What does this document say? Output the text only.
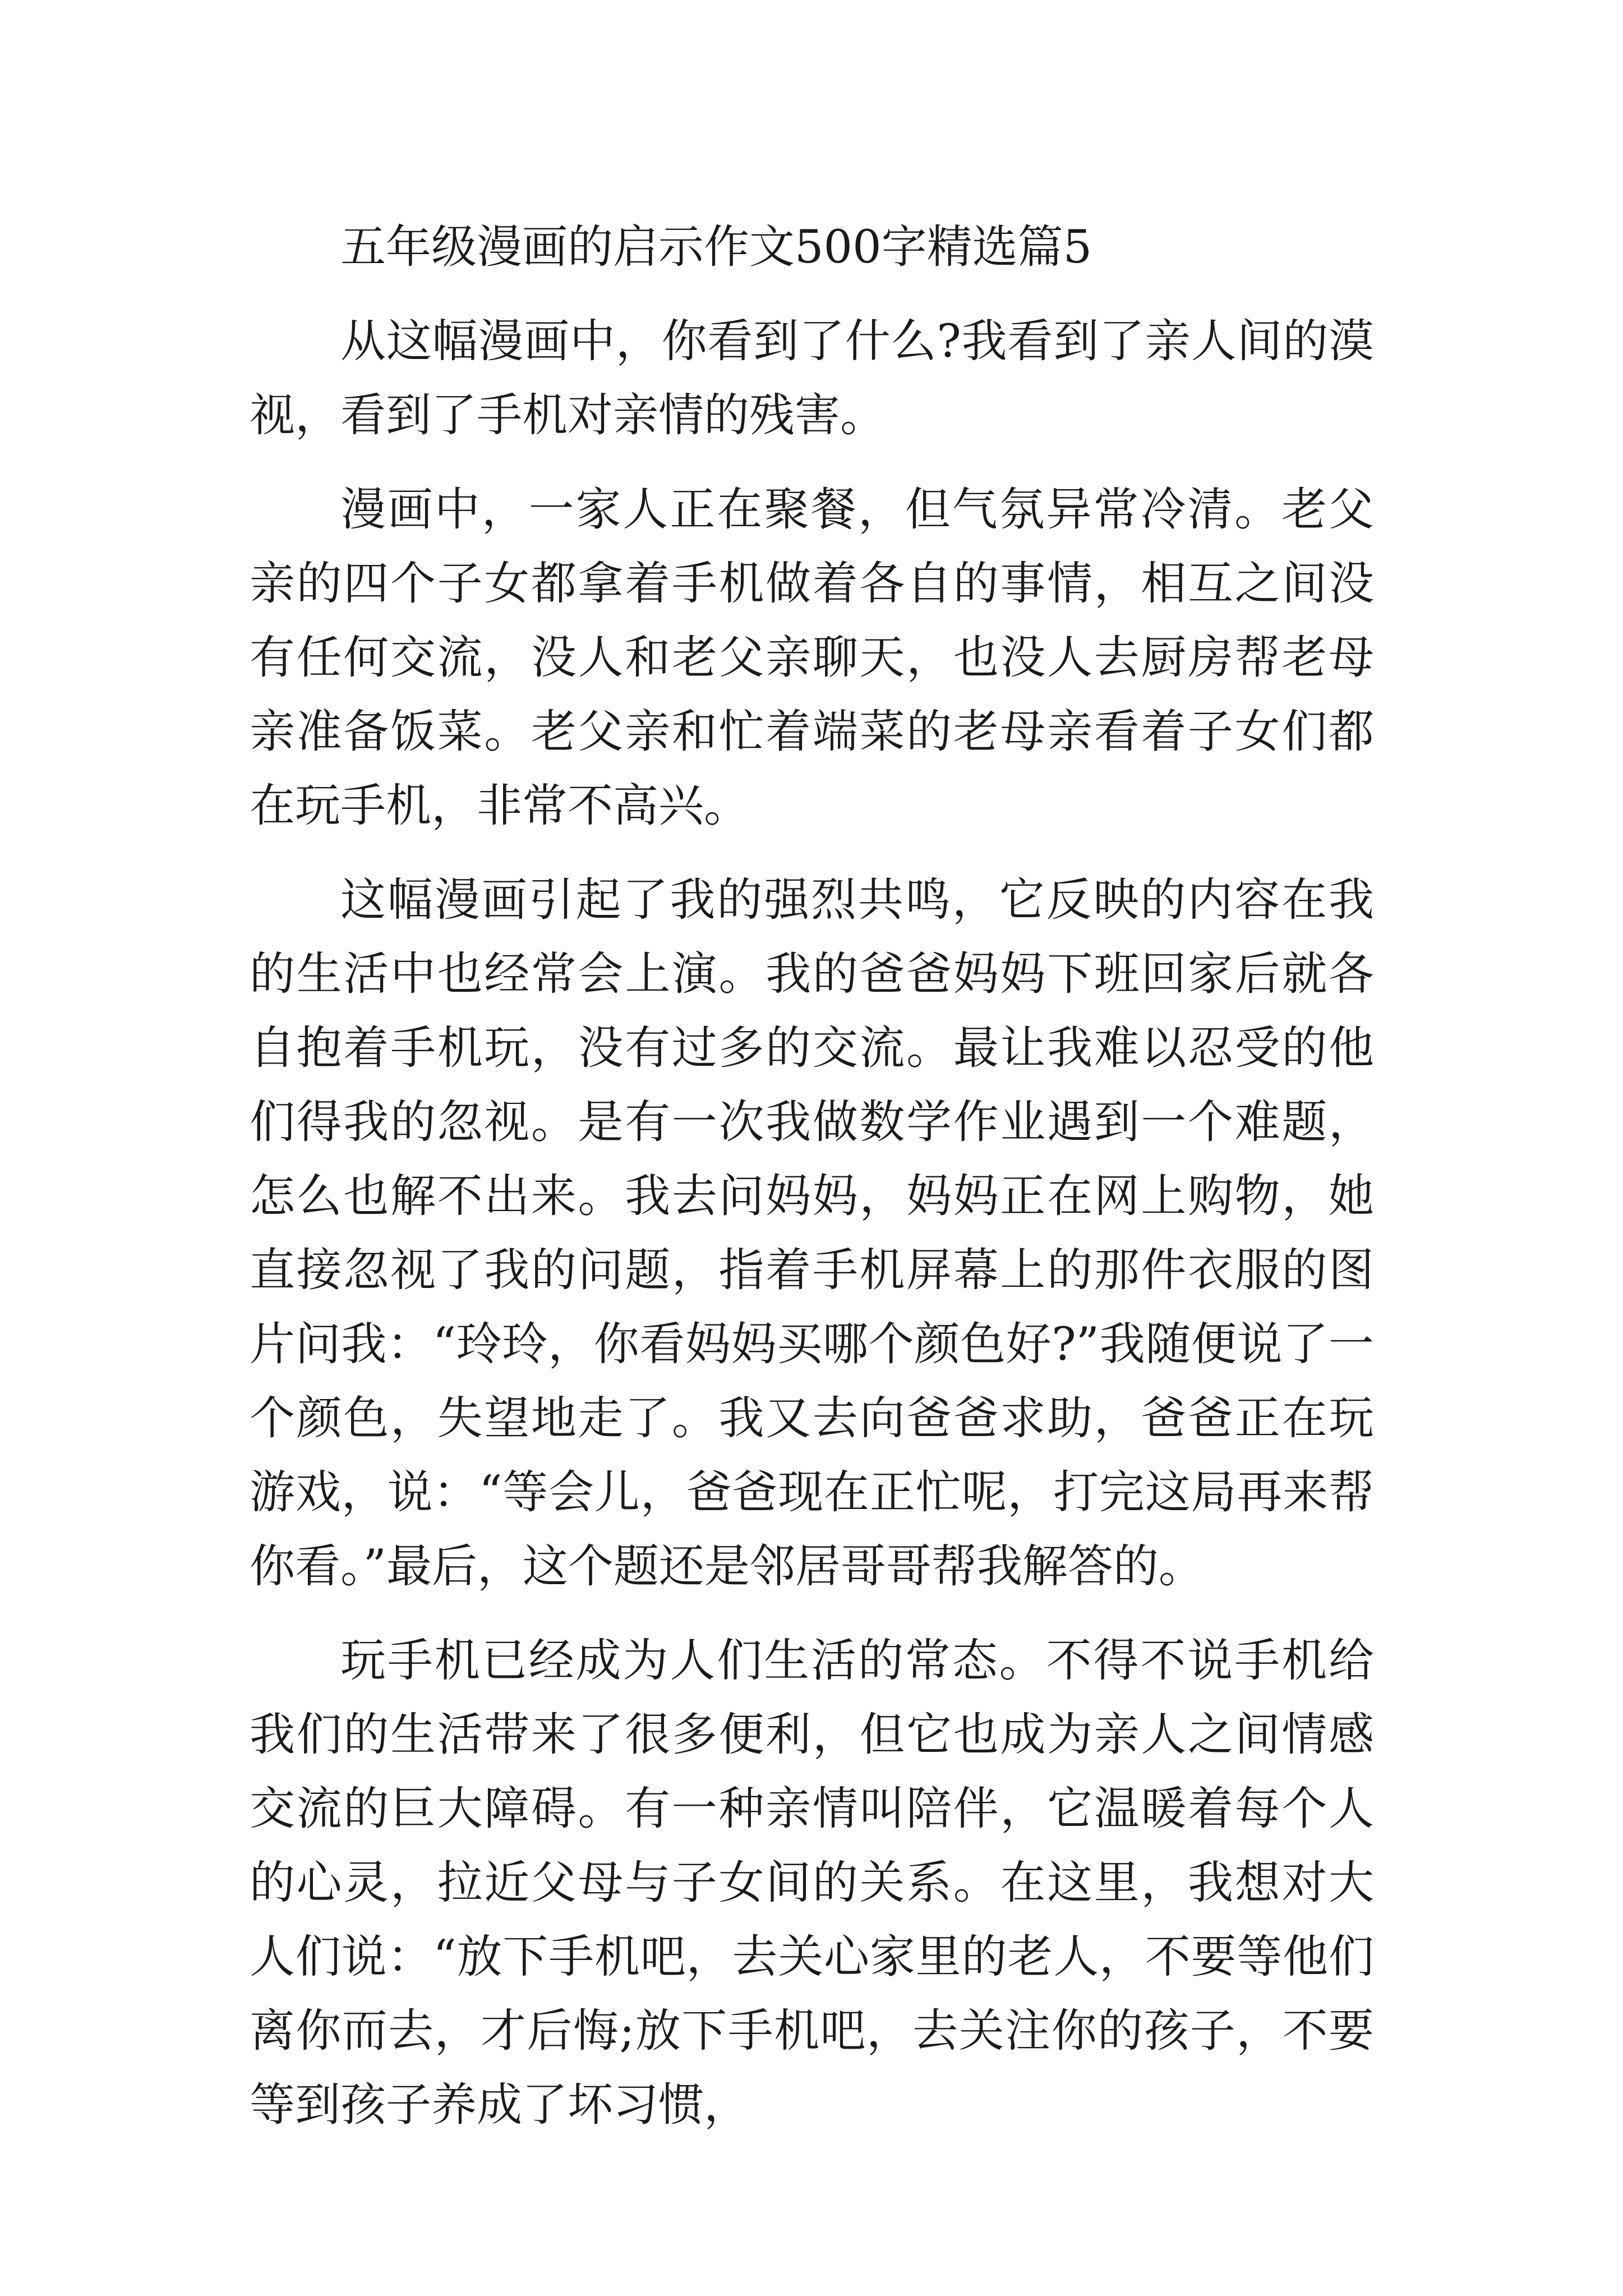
五年级漫画的启示作文500字精选篇5

从这幅漫画中，你看到了什么?我看到了亲人间的漠视，看到了手机对亲情的残害。

漫画中，一家人正在聚餐，但气氛异常冷清。老父亲的四个子女都拿着手机做着各自的事情，相互之间没有任何交流，没人和老父亲聊天，也没人去厨房帮老母亲准备饭菜。老父亲和忙着端菜的老母亲看着子女们都在玩手机，非常不高兴。

这幅漫画引起了我的强烈共鸣，它反映的内容在我的生活中也经常会上演。我的爸爸妈妈下班回家后就各自抱着手机玩，没有过多的交流。最让我难以忍受的他们得我的忽视。是有一次我做数学作业遇到一个难题，怎么也解不出来。我去问妈妈，妈妈正在网上购物，她直接忽视了我的问题，指着手机屏幕上的那件衣服的图片问我：“玲玲，你看妈妈买哪个颜色好?”我随便说了一个颜色，失望地走了。我又去向爸爸求助，爸爸正在玩游戏，说：“等会儿，爸爸现在正忙呢，打完这局再来帮你看。”最后，这个题还是邻居哥哥帮我解答的。

玩手机已经成为人们生活的常态。不得不说手机给我们的生活带来了很多便利，但它也成为亲人之间情感交流的巨大障碍。有一种亲情叫陪伴，它温暖着每个人的心灵，拉近父母与子女间的关系。在这里，我想对大人们说：“放下手机吧，去关心家里的老人，不要等他们离你而去，才后悔;放下手机吧，去关注你的孩子，不要等到孩子养成了坏习惯，
